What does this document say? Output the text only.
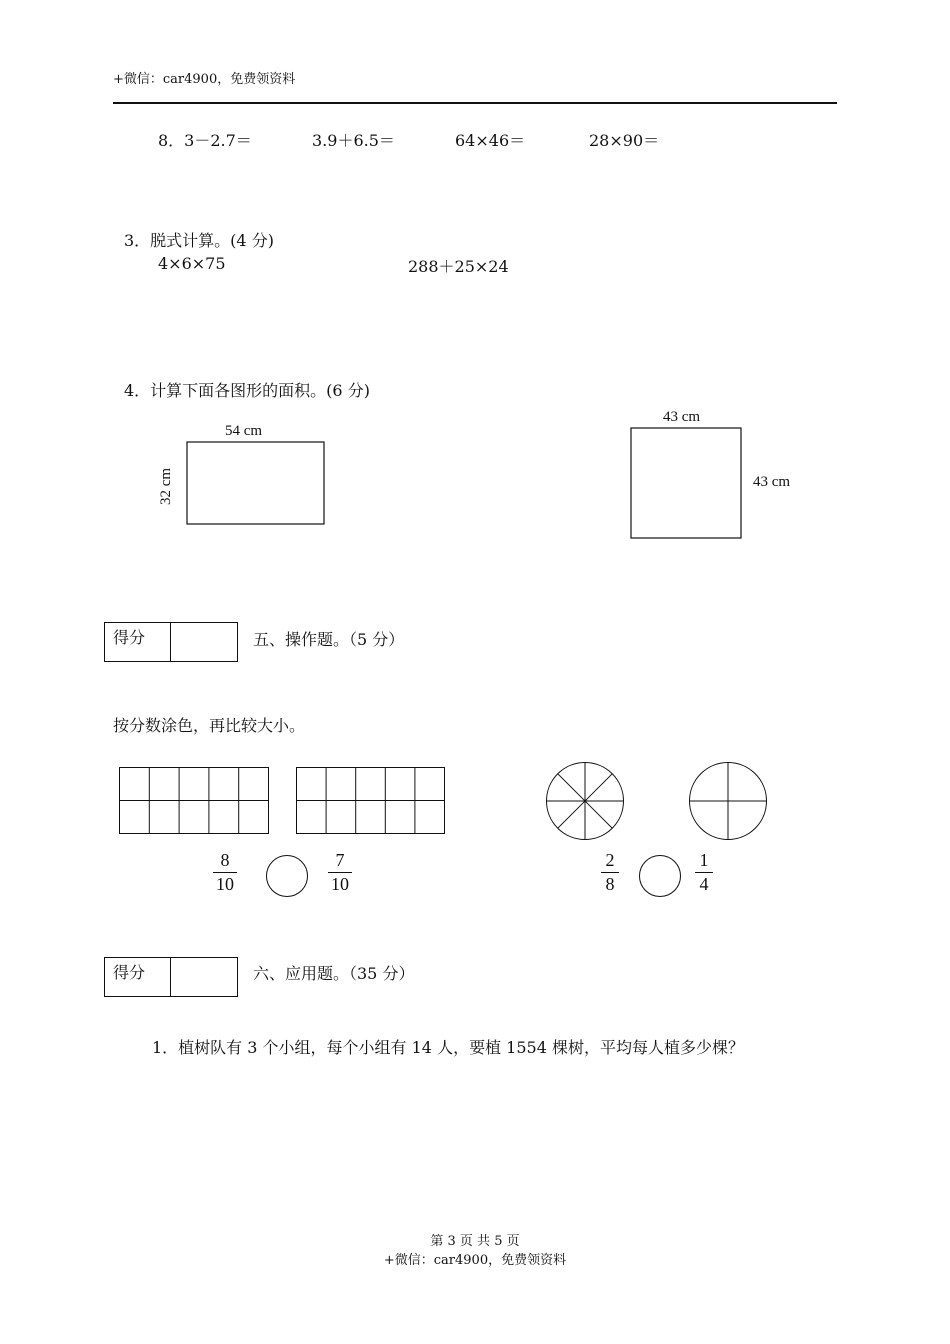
+微信：car4900，免费领资料
8．3－2.7＝	3.9＋6.5＝	64×46＝	28×90＝
3．脱式计算。(4 分)
4×6×75	288＋25×24
4．计算下面各图形的面积。(6 分)
54 cm
32 cm
43 cm
43 cm
得分	五、操作题。（5 分）
按分数涂色，再比较大小。
8
10
7
10
2
8
1
4
得分	六、应用题。（35 分）
1．植树队有 3 个小组，每个小组有 14 人，要植 1554 棵树，平均每人植多少棵？
第 3 页 共 5 页
+微信：car4900，免费领资料
